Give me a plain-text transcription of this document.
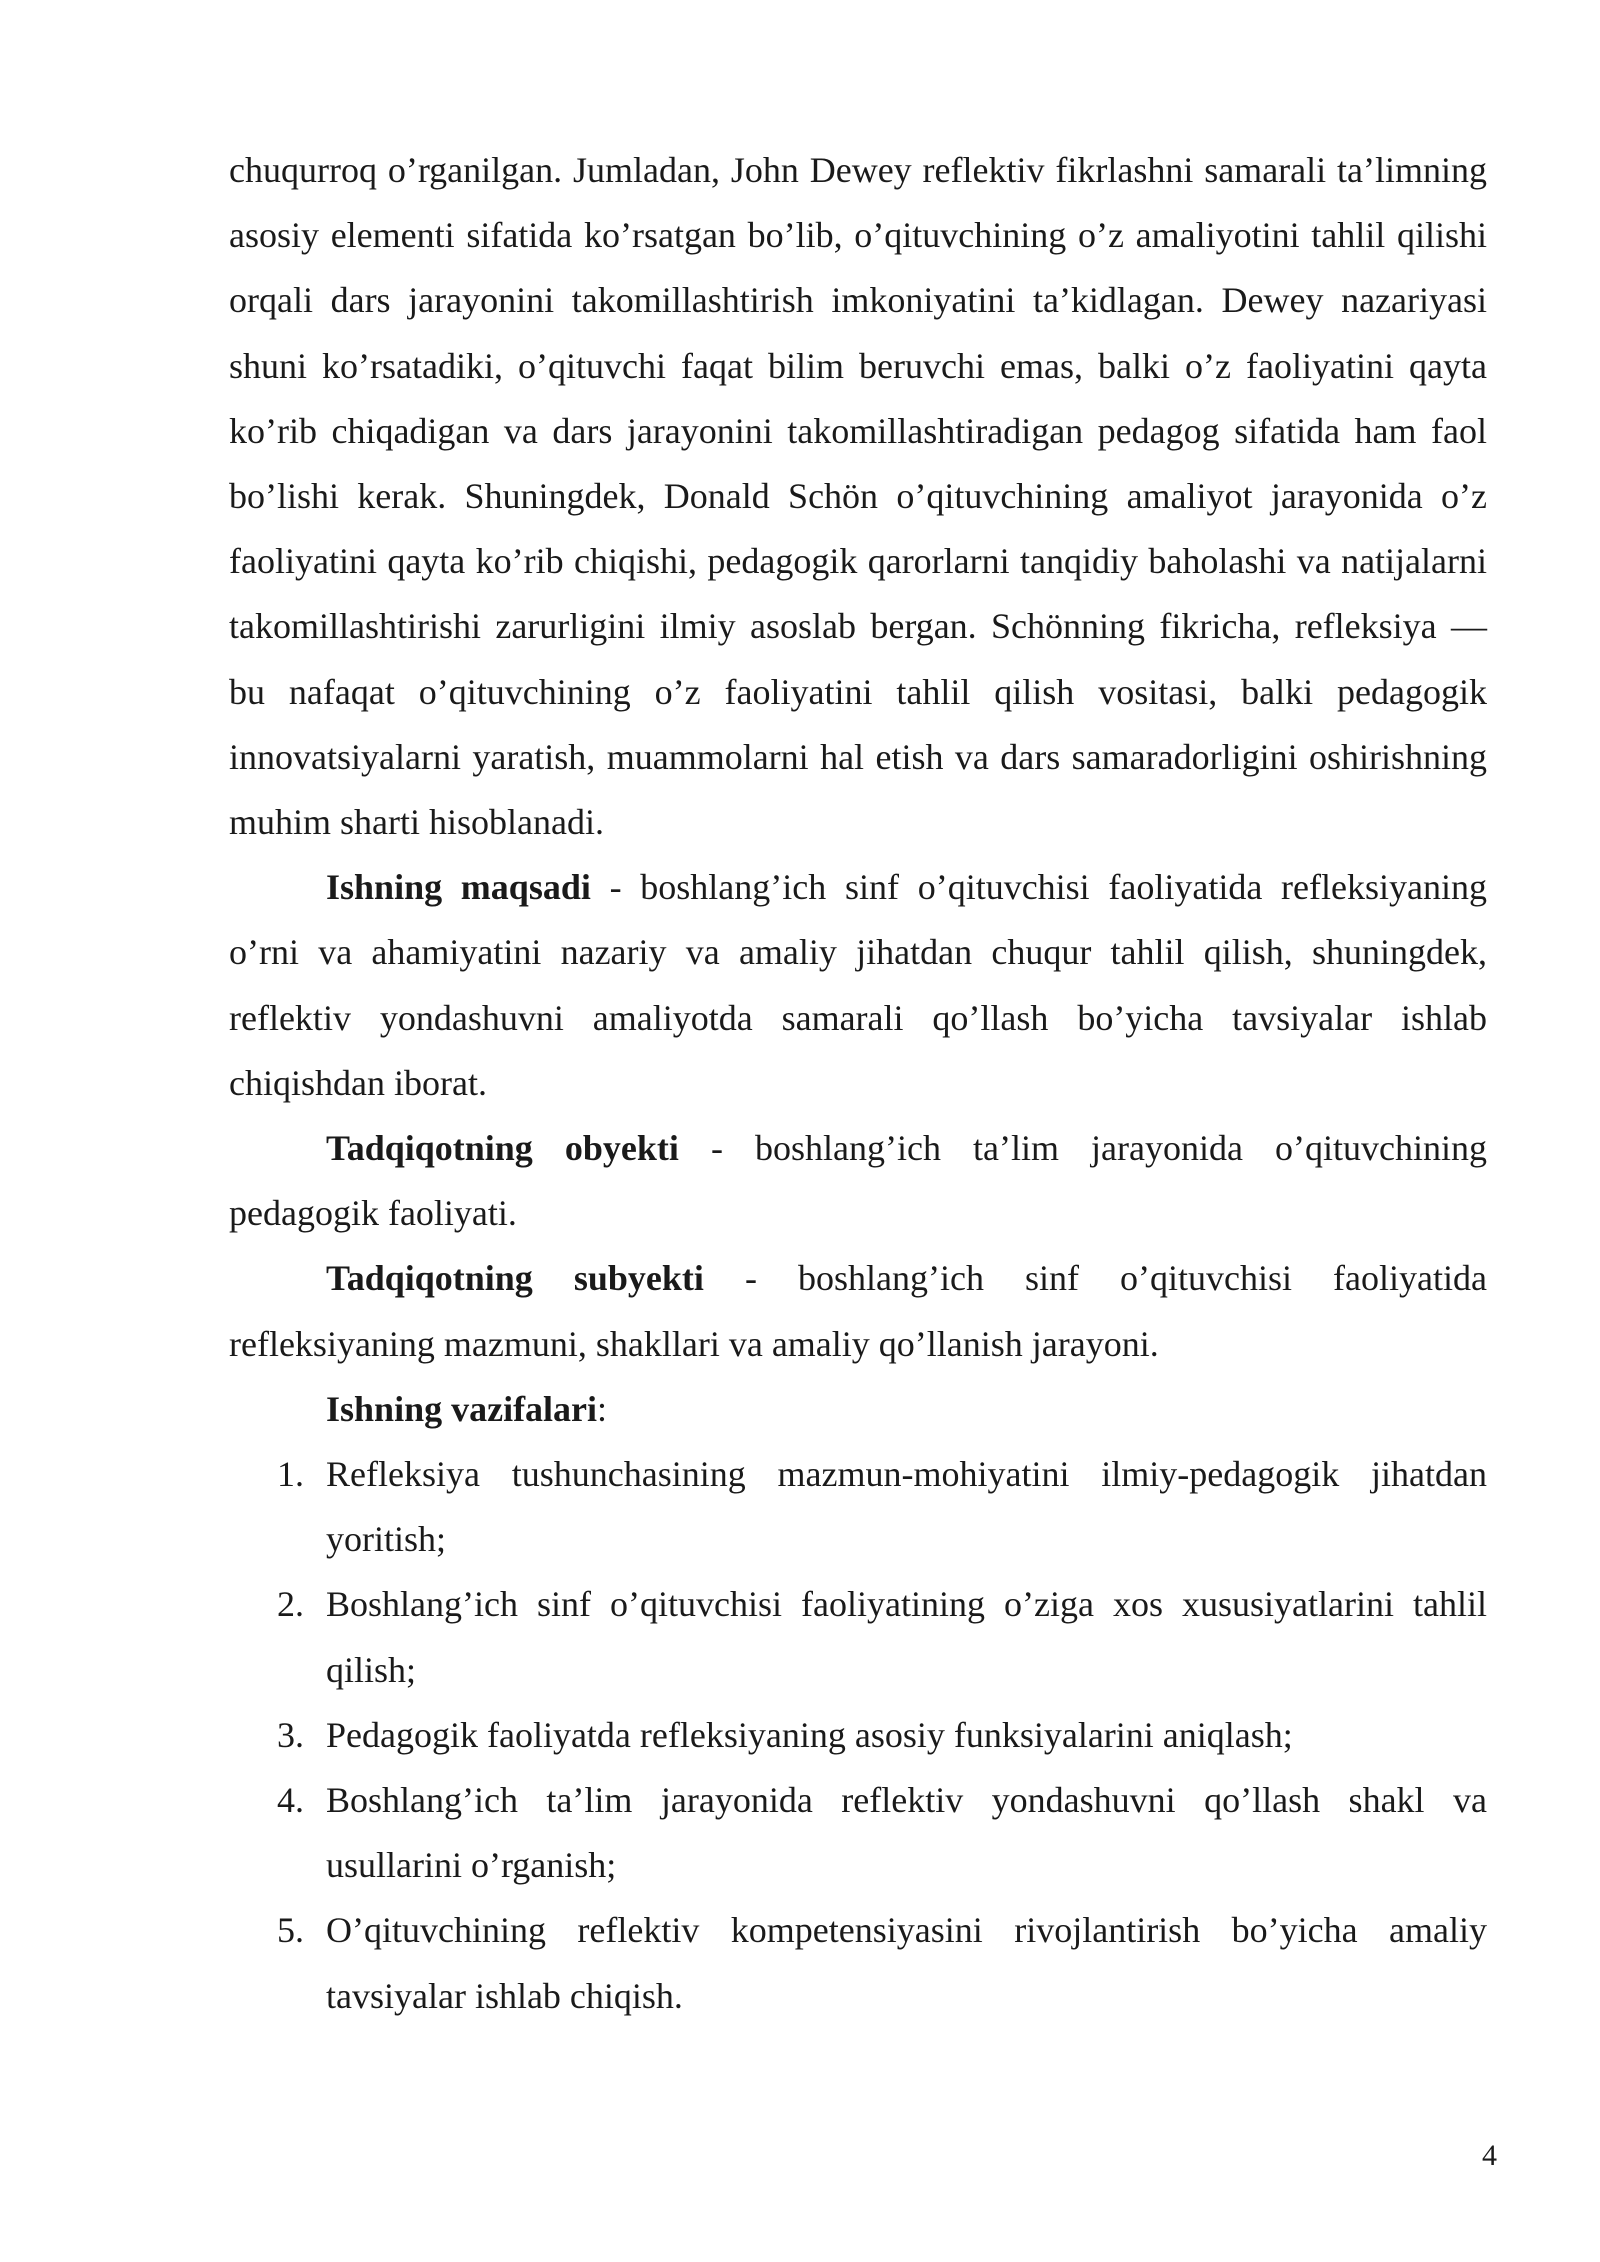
chuqurroq o’rganilgan. Jumladan, John Dewey reflektiv fikrlashni samarali ta’limning asosiy elementi sifatida ko’rsatgan bo’lib, o’qituvchining o’z amaliyotini tahlil qilishi orqali dars jarayonini takomillashtirish imkoniyatini ta’kidlagan. Dewey nazariyasi shuni ko’rsatadiki, o’qituvchi faqat bilim beruvchi emas, balki o’z faoliyatini qayta ko’rib chiqadigan va dars jarayonini takomillashtiradigan pedagog sifatida ham faol bo’lishi kerak. Shuningdek, Donald Schön o’qituvchining amaliyot jarayonida o’z faoliyatini qayta ko’rib chiqishi, pedagogik qarorlarni tanqidiy baholashi va natijalarni takomillashtirishi zarurligini ilmiy asoslab bergan. Schönning fikricha, refleksiya — bu nafaqat o’qituvchining o’z faoliyatini tahlil qilish vositasi, balki pedagogik innovatsiyalarni yaratish, muammolarni hal etish va dars samaradorligini oshirishning muhim sharti hisoblanadi.

Ishning maqsadi - boshlang’ich sinf o’qituvchisi faoliyatida refleksiyaning o’rni va ahamiyatini nazariy va amaliy jihatdan chuqur tahlil qilish, shuningdek, reflektiv yondashuvni amaliyotda samarali qo’llash bo’yicha tavsiyalar ishlab chiqishdan iborat.

Tadqiqotning obyekti - boshlang’ich ta’lim jarayonida o’qituvchining pedagogik faoliyati.

Tadqiqotning subyekti - boshlang’ich sinf o’qituvchisi faoliyatida refleksiyaning mazmuni, shakllari va amaliy qo’llanish jarayoni.

Ishning vazifalari:

1. Refleksiya tushunchasining mazmun-mohiyatini ilmiy-pedagogik jihatdan yoritish;
2. Boshlang’ich sinf o’qituvchisi faoliyatining o’ziga xos xususiyatlarini tahlil qilish;
3. Pedagogik faoliyatda refleksiyaning asosiy funksiyalarini aniqlash;
4. Boshlang’ich ta’lim jarayonida reflektiv yondashuvni qo’llash shakl va usullarini o’rganish;
5. O’qituvchining reflektiv kompetensiyasini rivojlantirish bo’yicha amaliy tavsiyalar ishlab chiqish.
4
